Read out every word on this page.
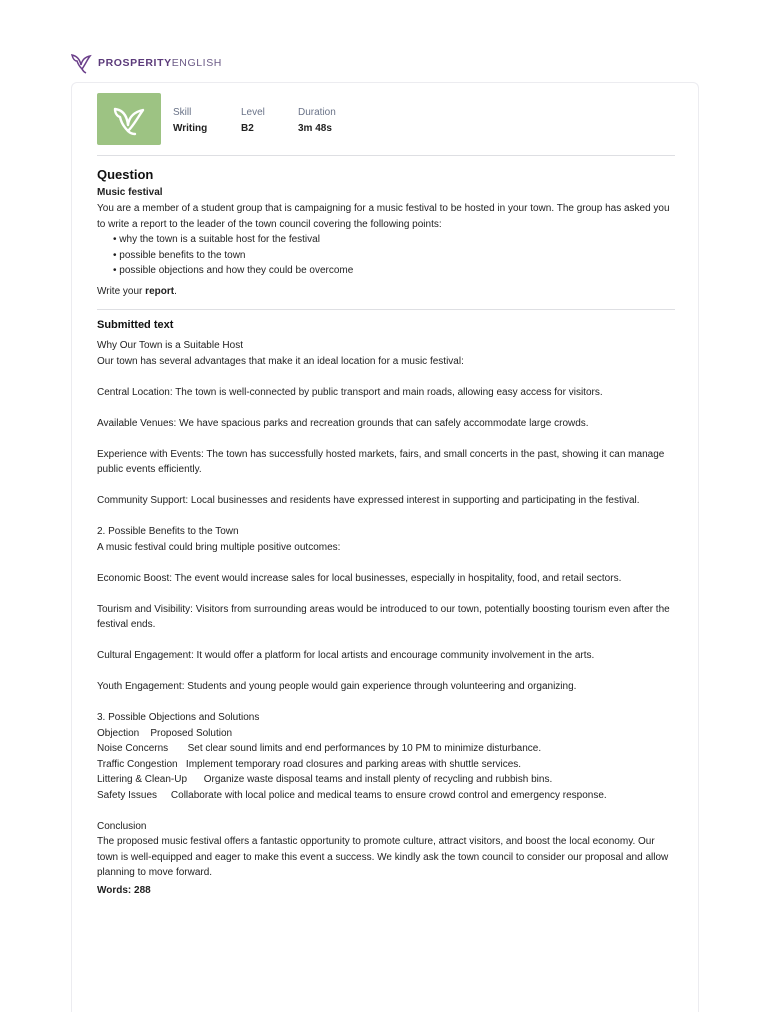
PROSPERITYENGLISH
Skill
Writing
Level
B2
Duration
3m 48s
Question
Music festival

You are a member of a student group that is campaigning for a music festival to be hosted in your town. The group has asked you to write a report to the leader of the town council covering the following points:

• why the town is a suitable host for the festival
• possible benefits to the town
• possible objections and how they could be overcome

Write your report.

Submitted text

Why Our Town is a Suitable Host

Our town has several advantages that make it an ideal location for a music festival:

Central Location: The town is well-connected by public transport and main roads, allowing easy access for visitors.

Available Venues: We have spacious parks and recreation grounds that can safely accommodate large crowds.

Experience with Events: The town has successfully hosted markets, fairs, and small concerts in the past, showing it can manage public events efficiently.

Community Support: Local businesses and residents have expressed interest in supporting and participating in the festival.

2. Possible Benefits to the Town

A music festival could bring multiple positive outcomes:

Economic Boost: The event would increase sales for local businesses, especially in hospitality, food, and retail sectors.

Tourism and Visibility: Visitors from surrounding areas would be introduced to our town, potentially boosting tourism even after the festival ends.

Cultural Engagement: It would offer a platform for local artists and encourage community involvement in the arts.

Youth Engagement: Students and young people would gain experience through volunteering and organizing.

3. Possible Objections and Solutions

Objection    Proposed Solution

Noise Concerns       Set clear sound limits and end performances by 10 PM to minimize disturbance.

Traffic Congestion   Implement temporary road closures and parking areas with shuttle services.

Littering & Clean-Up      Organize waste disposal teams and install plenty of recycling and rubbish bins.

Safety Issues     Collaborate with local police and medical teams to ensure crowd control and emergency response.

Conclusion

The proposed music festival offers a fantastic opportunity to promote culture, attract visitors, and boost the local economy. Our town is well-equipped and eager to make this event a success. We kindly ask the town council to consider our proposal and allow planning to move forward.

Words: 288
